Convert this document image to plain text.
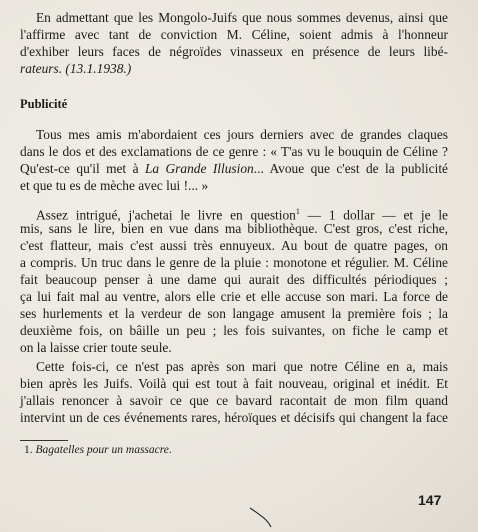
En admettant que les Mongolo-Juifs que nous sommes devenus, ainsi que
l'affirme avec tant de conviction M. Céline, soient admis à l'honneur
d'exhiber leurs faces de négroïdes vinasseux en présence de leurs libé-
rateurs. (13.1.1938.)
Publicité
Tous mes amis m'abordaient ces jours derniers avec de grandes claques
dans le dos et des exclamations de ce genre : « T'as vu le bouquin de Céline ?
Qu'est-ce qu'il met à La Grande Illusion... Avoue que c'est de la publicité
et que tu es de mèche avec lui !... »
Assez intrigué, j'achetai le livre en question$^1$ — 1 dollar — et je le
mis, sans le lire, bien en vue dans ma bibliothèque. C'est gros, c'est riche,
c'est flatteur, mais c'est aussi très ennuyeux. Au bout de quatre pages, on
a compris. Un truc dans le genre de la pluie : monotone et régulier. M. Céline
fait beaucoup penser à une dame qui aurait des difficultés périodiques ;
ça lui fait mal au ventre, alors elle crie et elle accuse son mari. La force de
ses hurlements et la verdeur de son langage amusent la première fois ; la
deuxième fois, on bâille un peu ; les fois suivantes, on fiche le camp et
on la laisse crier toute seule.
Cette fois-ci, ce n'est pas après son mari que notre Céline en a, mais
bien après les Juifs. Voilà qui est tout à fait nouveau, original et inédit. Et
j'allais renoncer à savoir ce que ce bavard racontait de mon film quand
intervint un de ces événements rares, héroïques et décisifs qui changent la face
1. Bagatelles pour un massacre.
147
